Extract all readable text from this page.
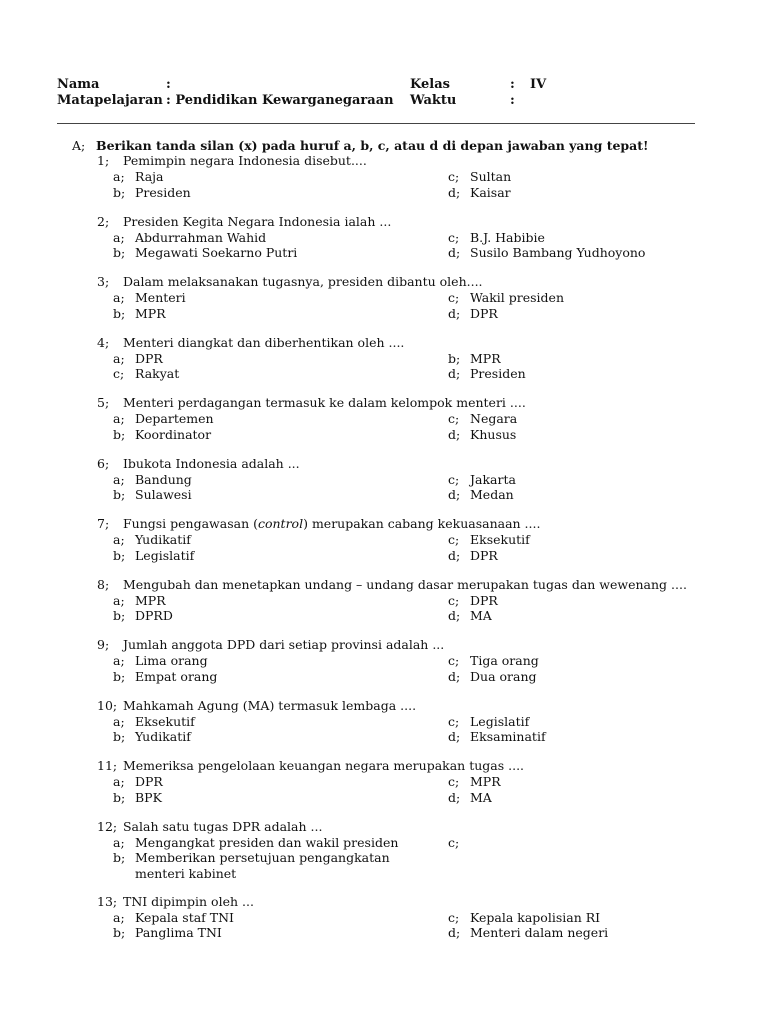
Nama	:
Matapelajaran : Pendidikan Kewarganegaraan
Kelas	: IV
Waktu	:
A; Berikan tanda silan (x) pada huruf a, b, c, atau d di depan jawaban yang tepat!
1; Pemimpin negara Indonesia disebut....
a; Raja	c; Sultan
b; Presiden	d; Kaisar
2; Presiden Kegita Negara Indonesia ialah ...
a; Abdurrahman Wahid	c; B.J. Habibie
b; Megawati Soekarno Putri	d; Susilo Bambang Yudhoyono
3; Dalam melaksanakan tugasnya, presiden dibantu oleh....
a; Menteri	c; Wakil presiden
b; MPR	d; DPR
4; Menteri diangkat dan diberhentikan oleh ....
a; DPR	b; MPR
c; Rakyat	d; Presiden
5; Menteri perdagangan termasuk ke dalam kelompok menteri ....
a; Departemen	c; Negara
b; Koordinator	d; Khusus
6; Ibukota Indonesia adalah ...
a; Bandung	c; Jakarta
b; Sulawesi	d; Medan
7; Fungsi pengawasan (control) merupakan cabang kekuasanaan ....
a; Yudikatif	c; Eksekutif
b; Legislatif	d; DPR
8; Mengubah dan menetapkan undang – undang dasar merupakan tugas dan wewenang ....
a; MPR	c; DPR
b; DPRD	d; MA
9; Jumlah anggota DPD dari setiap provinsi adalah ...
a; Lima orang	c; Tiga orang
b; Empat orang	d; Dua orang
10; Mahkamah Agung (MA) termasuk lembaga ....
a; Eksekutif	c; Legislatif
b; Yudikatif	d; Eksaminatif
11; Memeriksa pengelolaan keuangan negara merupakan tugas ....
a; DPR	c; MPR
b; BPK	d; MA
12; Salah satu tugas DPR adalah ...
a; Mengangkat presiden dan wakil presiden	c;
b; Memberikan persetujuan pengangkatan menteri kabinet
13; TNI dipimpin oleh ...
a; Kepala staf TNI	c; Kepala kapolisian RI
b; Panglima TNI	d; Menteri dalam negeri
